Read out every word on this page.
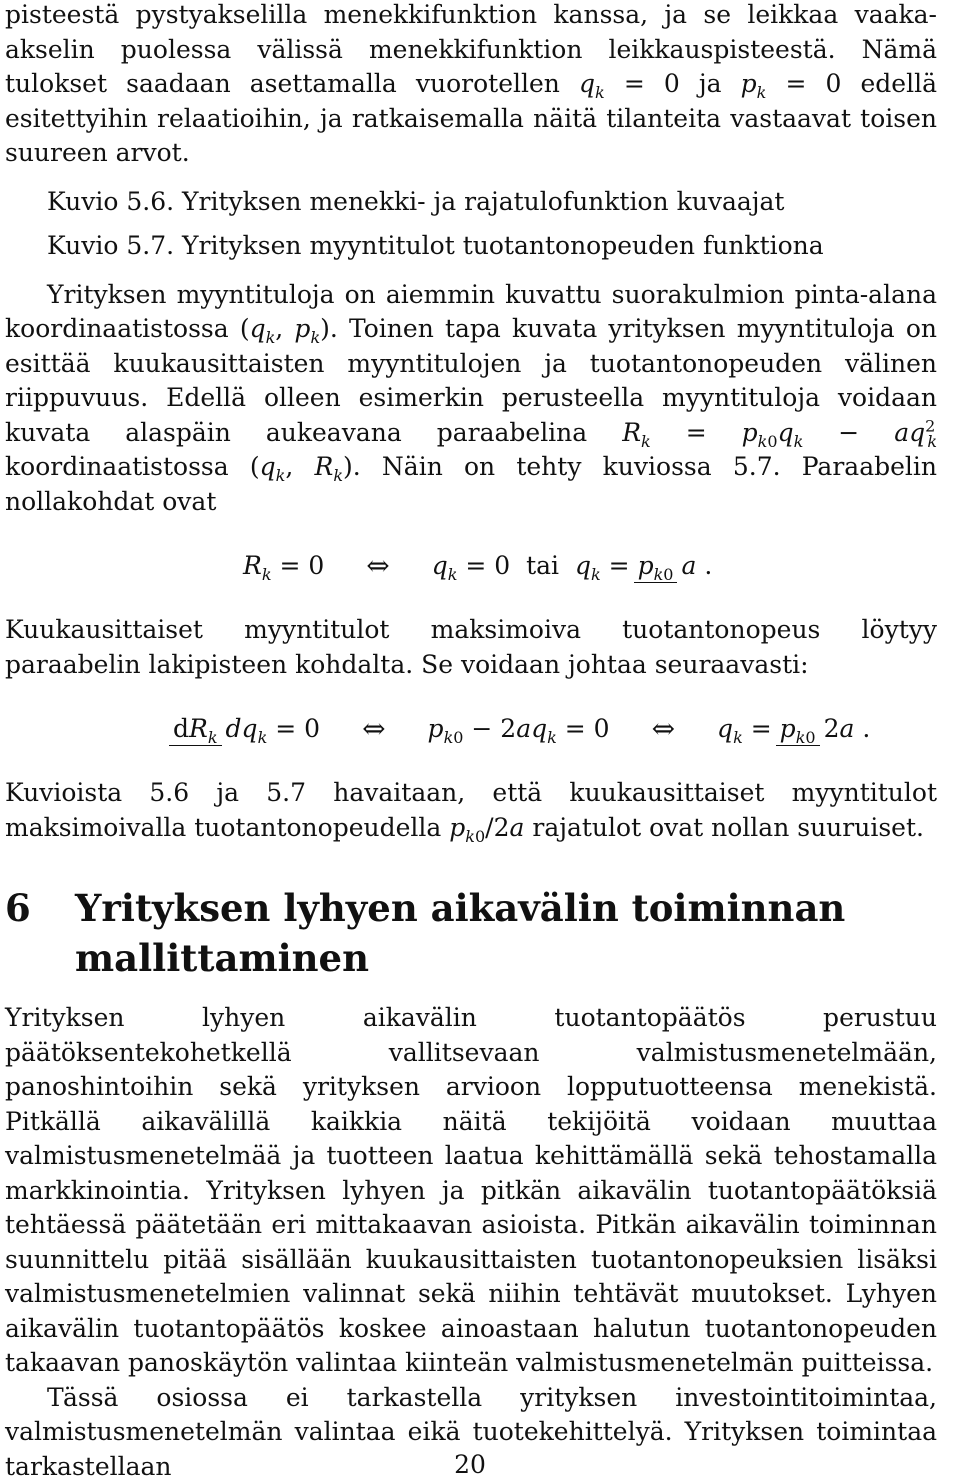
pisteestä pystyakselilla menekkifunktion kanssa, ja se leikkaa vaaka-akselin puolessa välissä menekkifunktion leikkauspisteestä. Nämä tulokset saadaan asettamalla vuorotellen $q_k = 0$ ja $p_k = 0$ edellä esitettyihin relaatioihin, ja ratkaisemalla näitä tilanteita vastaavat toisen suureen arvot.

Kuvio 5.6. Yrityksen menekki- ja rajatulofunktion kuvaajat

Kuvio 5.7. Yrityksen myyntitulot tuotantonopeuden funktiona

Yrityksen myyntituloja on aiemmin kuvattu suorakulmion pinta-alana koordinaatistossa ($q_k$, $p_k$). Toinen tapa kuvata yrityksen myyntituloja on esittää kuukausittaisten myyntitulojen ja tuotantonopeuden välinen riippuvuus. Edellä olleen esimerkin perusteella myyntituloja voidaan kuvata alaspäin aukeavana paraabelina $R_k = p_{k0}q_k - aq^2_k$ koordinaatistossa ($q_k$, $R_k$). Näin on tehty kuviossa 5.7. Paraabelin nollakohdat ovat

$R_k = 0$ ⇔ $q_k = 0$  tai  $q_k = p_{k0}$ a .

Kuukausittaiset myyntitulot maksimoiva tuotantonopeus löytyy paraabelin lakipisteen kohdalta. Se voidaan johtaa seuraavasti:

$dR_k$ $dq_k = 0$ ⇔ $p_{k0} - 2aq_k = 0$ ⇔ $q_k = p_{k0}$ 2a .

Kuvioista 5.6 ja 5.7 havaitaan, että kuukausittaiset myyntitulot maksimoivalla tuotantonopeudella $p_{k0}/2a$ rajatulot ovat nollan suuruiset.

6	Yrityksen lyhyen aikavälin toiminnan mallittaminen

Yrityksen lyhyen aikavälin tuotantopäätös perustuu päätöksentekohetkellä vallitsevaan valmistusmenetelmään, panoshintoihin sekä yrityksen arvioon lopputuotteensa menekistä. Pitkällä aikavälillä kaikkia näitä tekijöitä voidaan muuttaa valmistusmenetelmää ja tuotteen laatua kehittämällä sekä tehostamalla markkinointia. Yrityksen lyhyen ja pitkän aikavälin tuotantopäätöksiä tehtäessä päätetään eri mittakaavan asioista. Pitkän aikavälin toiminnan suunnittelu pitää sisällään kuukausittaisten tuotantonopeuksien lisäksi valmistusmenetelmien valinnat sekä niihin tehtävät muutokset. Lyhyen aikavälin tuotantopäätös koskee ainoastaan halutun tuotantonopeuden takaavan panoskäytön valintaa kiinteän valmistusmenetelmän puitteissa.

Tässä osiossa ei tarkastella yrityksen investointitoimintaa, valmistusmenetelmän valintaa eikä tuotekehittelyä. Yrityksen toimintaa tarkastellaan	20
